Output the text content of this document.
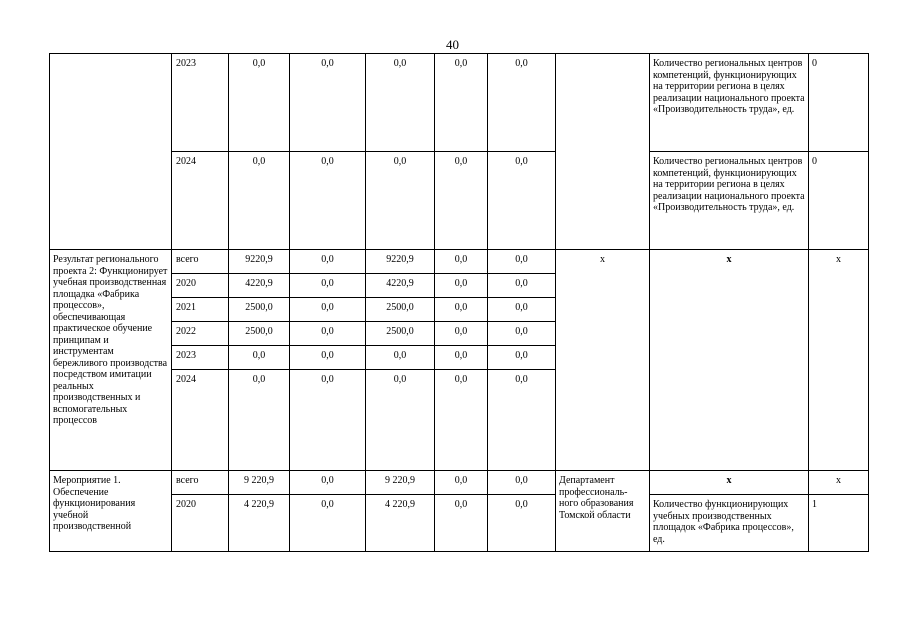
40
	2023	0,0	0,0	0,0	0,0	0,0		Количество региональных центров компетенций, функционирующих на территории региона в целях реализации национального проекта «Производительность труда», ед.	0
	2024	0,0	0,0	0,0	0,0	0,0		Количество региональных центров компетенций, функционирующих на территории региона в целях реализации национального проекта «Производительность труда», ед.	0
Результат регионального проекта 2: Функционирует учебная производственная площадка «Фабрика процессов», обеспечивающая практическое обучение принципам и инструментам бережливого производства посредством имитации реальных производственных и вспомогательных процессов	всего	9220,9	0,0	9220,9	0,0	0,0	х	х	х
	2020	4220,9	0,0	4220,9	0,0	0,0			
	2021	2500,0	0,0	2500,0	0,0	0,0			
	2022	2500,0	0,0	2500,0	0,0	0,0			
	2023	0,0	0,0	0,0	0,0	0,0			
	2024	0,0	0,0	0,0	0,0	0,0			
Мероприятие 1. Обеспечение функционирования учебной производственной	всего	9 220,9	0,0	9 220,9	0,0	0,0	Департамент профессиональ-ного образования Томской области	х	х
	2020	4 220,9	0,0	4 220,9	0,0	0,0		Количество функционирующих учебных производственных площадок «Фабрика процессов», ед.	1
